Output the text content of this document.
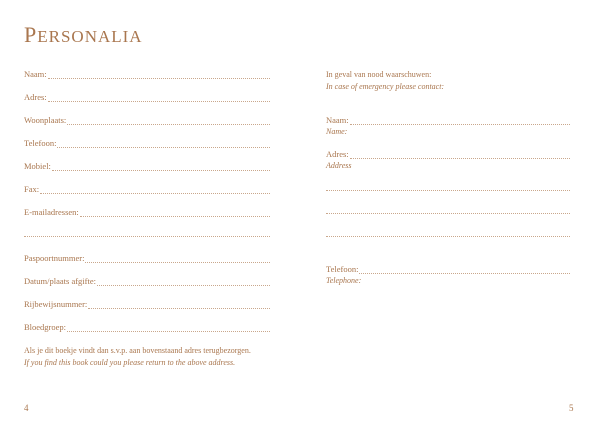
PERSONALIA
Naam:
Adres:
Woonplaats:
Telefoon:
Mobiel:
Fax:
E-mailadressen:
Paspoortnummer:
Datum/plaats afgifte:
Rijbewijsnummer:
Bloedgroep:
Als je dit boekje vindt dan s.v.p. aan bovenstaand adres terugbezorgen.
If you find this book could you please return to the above address.
4
In geval van nood waarschuwen:
In case of emergency please contact:
Naam:
Name:
Adres:
Address
Telefoon:
Telephone:
5
